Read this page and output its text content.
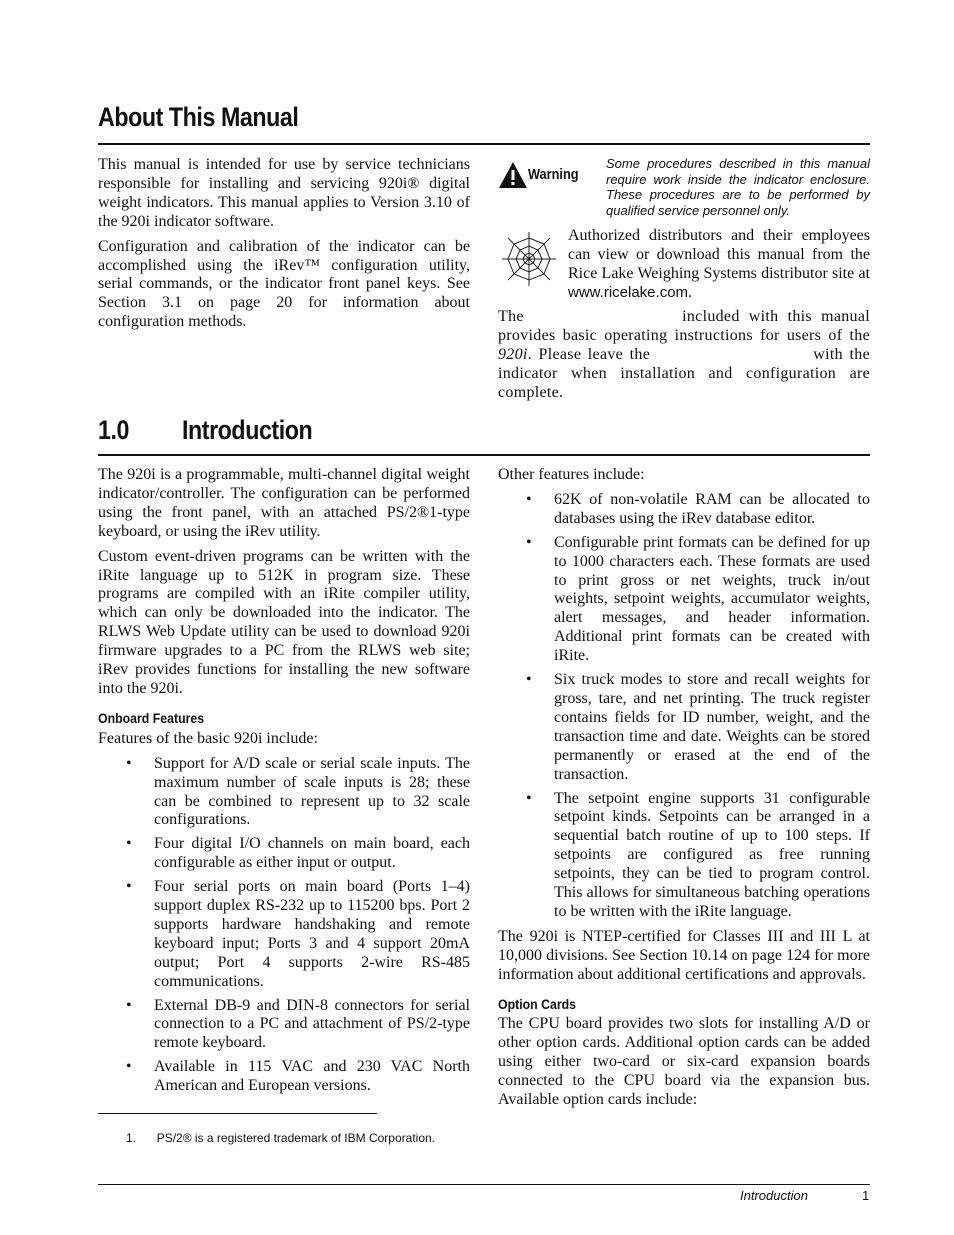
About This Manual

This manual is intended for use by service technicians responsible for installing and servicing 920i® digital weight indicators. This manual applies to Version 3.10 of the 920i indicator software.

Configuration and calibration of the indicator can be accomplished using the iRev™ configuration utility, serial commands, or the indicator front panel keys. See Section 3.1 on page 20 for information about configuration methods.

Warning
Some procedures described in this manual require work inside the indicator enclosure. These procedures are to be performed by qualified service personnel only.
Authorized distributors and their employees can view or download this manual from the Rice Lake Weighing Systems distributor site at www.ricelake.com.
The	included with this manual provides basic operating instructions for users of the 920i. Please leave the	with the indicator when installation and configuration are complete.
1.0 Introduction

The 920i is a programmable, multi-channel digital weight indicator/controller. The configuration can be performed using the front panel, with an attached PS/2®1-type keyboard, or using the iRev utility.

Custom event-driven programs can be written with the iRite language up to 512K in program size. These programs are compiled with an iRite compiler utility, which can only be downloaded into the indicator. The RLWS Web Update utility can be used to download 920i firmware upgrades to a PC from the RLWS web site; iRev provides functions for installing the new software into the 920i.

Onboard Features

Features of the basic 920i include:

• Support for A/D scale or serial scale inputs. The maximum number of scale inputs is 28; these can be combined to represent up to 32 scale configurations.
• Four digital I/O channels on main board, each configurable as either input or output.
• Four serial ports on main board (Ports 1–4) support duplex RS-232 up to 115200 bps. Port 2 supports hardware handshaking and remote keyboard input; Ports 3 and 4 support 20mA output; Port 4 supports 2-wire RS-485 communications.
• External DB-9 and DIN-8 connectors for serial connection to a PC and attachment of PS/2-type remote keyboard.
• Available in 115 VAC and 230 VAC North American and European versions.

Other features include:

• 62K of non-volatile RAM can be allocated to databases using the iRev database editor.
• Configurable print formats can be defined for up to 1000 characters each. These formats are used to print gross or net weights, truck in/out weights, setpoint weights, accumulator weights, alert messages, and header information. Additional print formats can be created with iRite.
• Six truck modes to store and recall weights for gross, tare, and net printing. The truck register contains fields for ID number, weight, and the transaction time and date. Weights can be stored permanently or erased at the end of the transaction.
• The setpoint engine supports 31 configurable setpoint kinds. Setpoints can be arranged in a sequential batch routine of up to 100 steps. If setpoints are configured as free running setpoints, they can be tied to program control. This allows for simultaneous batching operations to be written with the iRite language.

The 920i is NTEP-certified for Classes III and III L at 10,000 divisions. See Section 10.14 on page 124 for more information about additional certifications and approvals.

Option Cards

The CPU board provides two slots for installing A/D or other option cards. Additional option cards can be added using either two-card or six-card expansion boards connected to the CPU board via the expansion bus. Available option cards include:

1. PS/2® is a registered trademark of IBM Corporation.
Introduction	1
